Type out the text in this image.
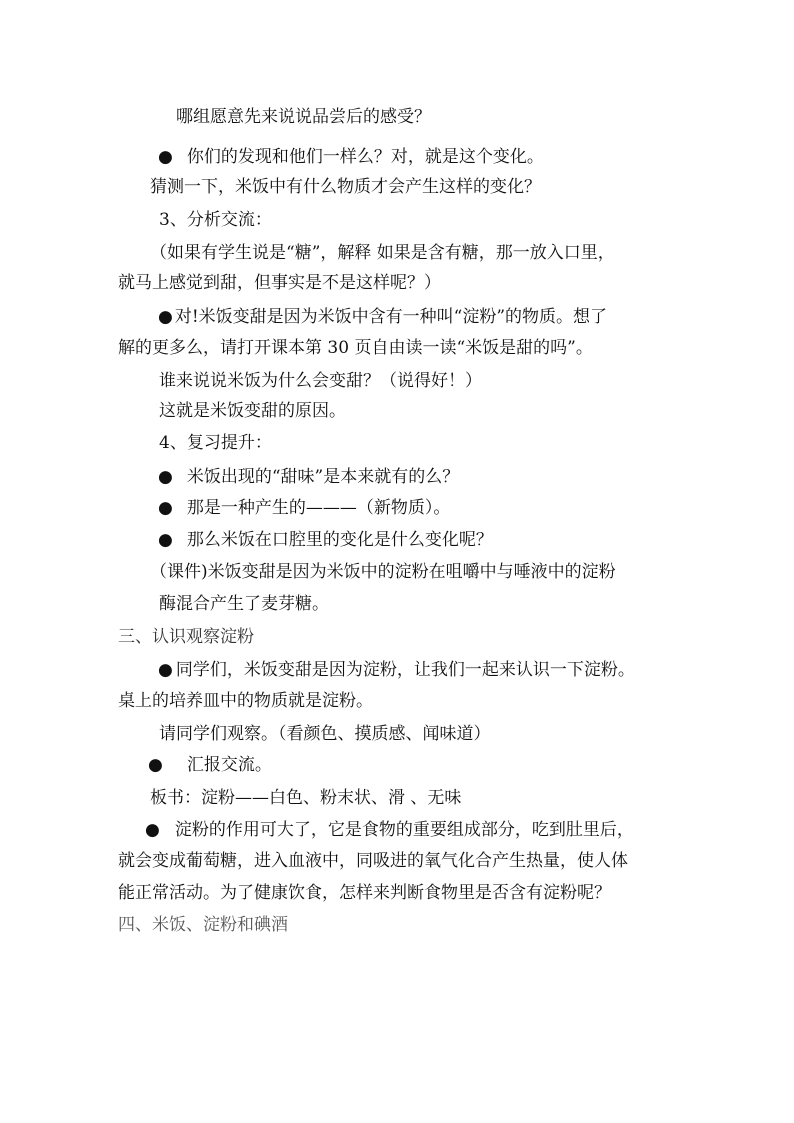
哪组愿意先来说说品尝后的感受？
● 你们的发现和他们一样么？对，就是这个变化。
猜测一下，米饭中有什么物质才会产生这样的变化？
3、分析交流：
（如果有学生说是“糖”，解释 如果是含有糖，那一放入口里，
就马上感觉到甜，但事实是不是这样呢？）
● 对!米饭变甜是因为米饭中含有一种叫“淀粉”的物质。想了
解的更多么，请打开课本第 30 页自由读一读“米饭是甜的吗”。
谁来说说米饭为什么会变甜？（说得好！）
这就是米饭变甜的原因。
4、复习提升：
● 米饭出现的“甜味”是本来就有的么？
● 那是一种产生的———（新物质）。
● 那么米饭在口腔里的变化是什么变化呢？
（课件)米饭变甜是因为米饭中的淀粉在咀嚼中与唾液中的淀粉
酶混合产生了麦芽糖。
三、认识观察淀粉
● 同学们，米饭变甜是因为淀粉，让我们一起来认识一下淀粉。
桌上的培养皿中的物质就是淀粉。
请同学们观察。（看颜色、摸质感、闻味道）
● 汇报交流。
板书：淀粉——白色、粉末状、滑 、无味
● 淀粉的作用可大了，它是食物的重要组成部分，吃到肚里后，
就会变成葡萄糖，进入血液中，同吸进的氧气化合产生热量，使人体
能正常活动。为了健康饮食，怎样来判断食物里是否含有淀粉呢？
四、米饭、淀粉和碘酒
